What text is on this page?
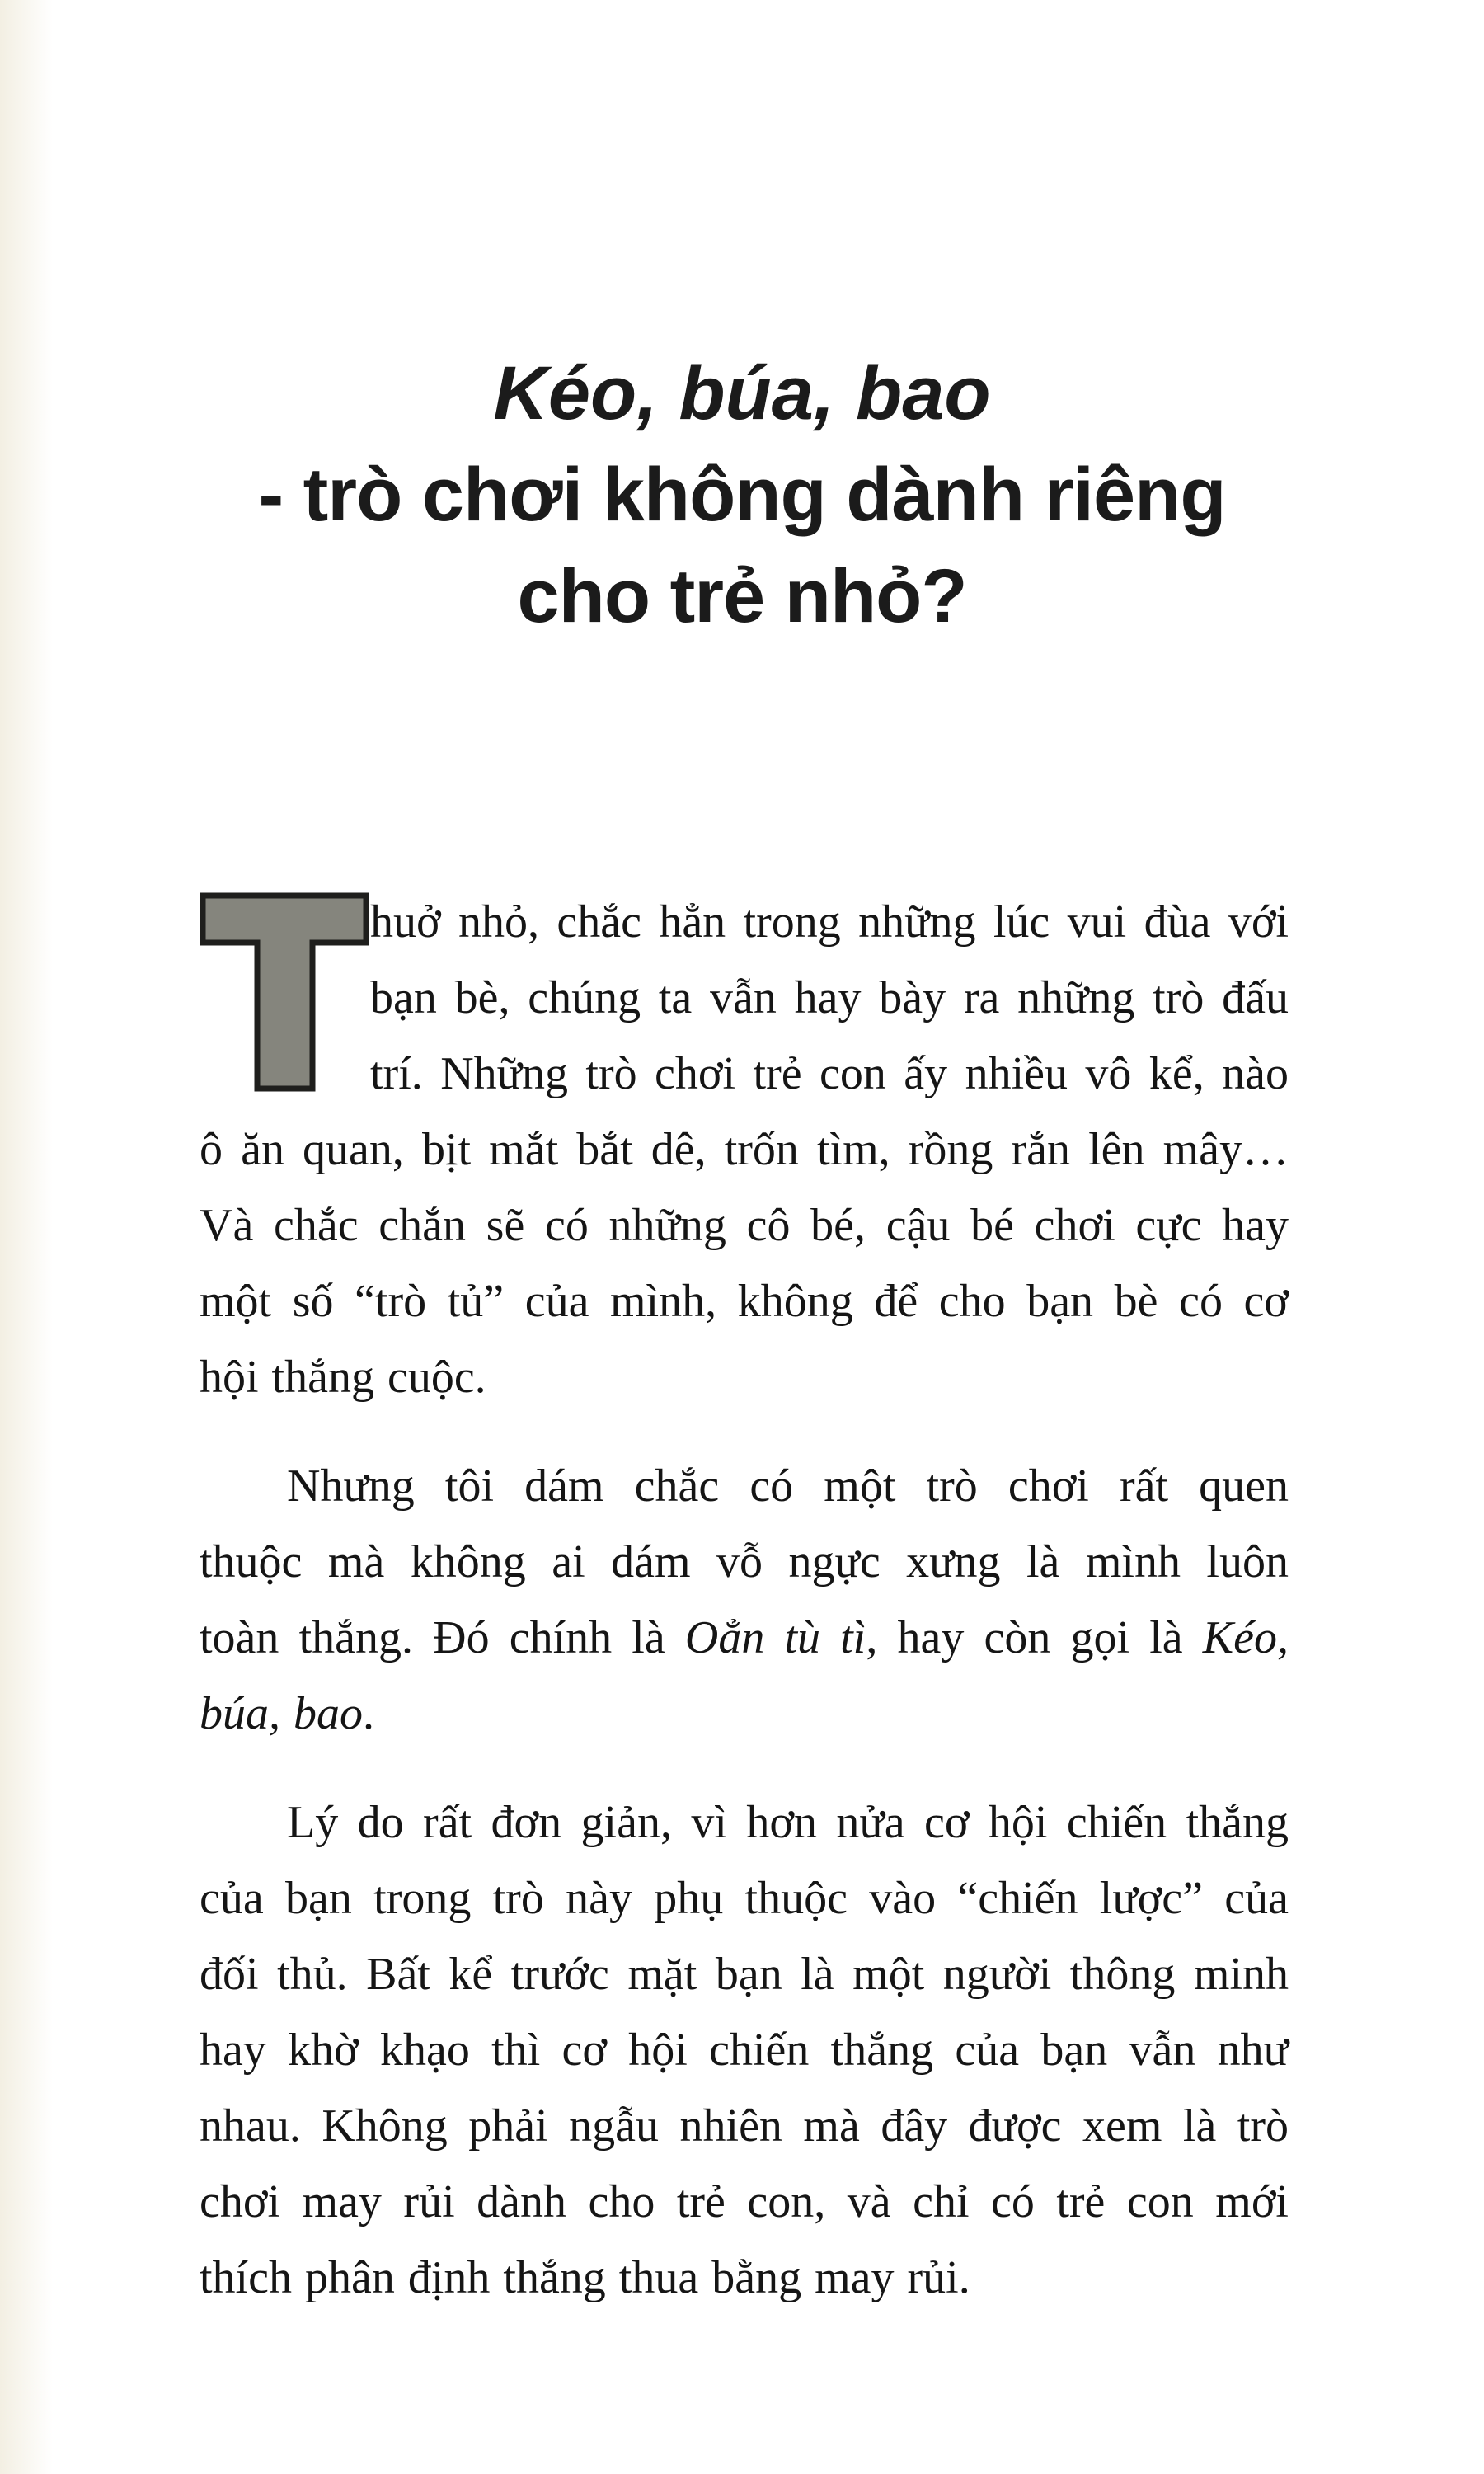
Kéo, búa, bao
- trò chơi không dành riêng
cho trẻ nhỏ?
huở nhỏ, chắc hẳn trong những lúc vui đùa với
bạn bè, chúng ta vẫn hay bày ra những trò đấu
trí. Những trò chơi trẻ con ấy nhiều vô kể, nào
ô ăn quan, bịt mắt bắt dê, trốn tìm, rồng rắn lên mây…
Và chắc chắn sẽ có những cô bé, cậu bé chơi cực hay
một số “trò tủ” của mình, không để cho bạn bè có cơ
hội thắng cuộc.
Nhưng tôi dám chắc có một trò chơi rất quen
thuộc mà không ai dám vỗ ngực xưng là mình luôn
toàn thắng. Đó chính là Oẳn tù tì, hay còn gọi là Kéo,
búa, bao.
Lý do rất đơn giản, vì hơn nửa cơ hội chiến thắng
của bạn trong trò này phụ thuộc vào “chiến lược” của
đối thủ. Bất kể trước mặt bạn là một người thông minh
hay khờ khạo thì cơ hội chiến thắng của bạn vẫn như
nhau. Không phải ngẫu nhiên mà đây được xem là trò
chơi may rủi dành cho trẻ con, và chỉ có trẻ con mới
thích phân định thắng thua bằng may rủi.
